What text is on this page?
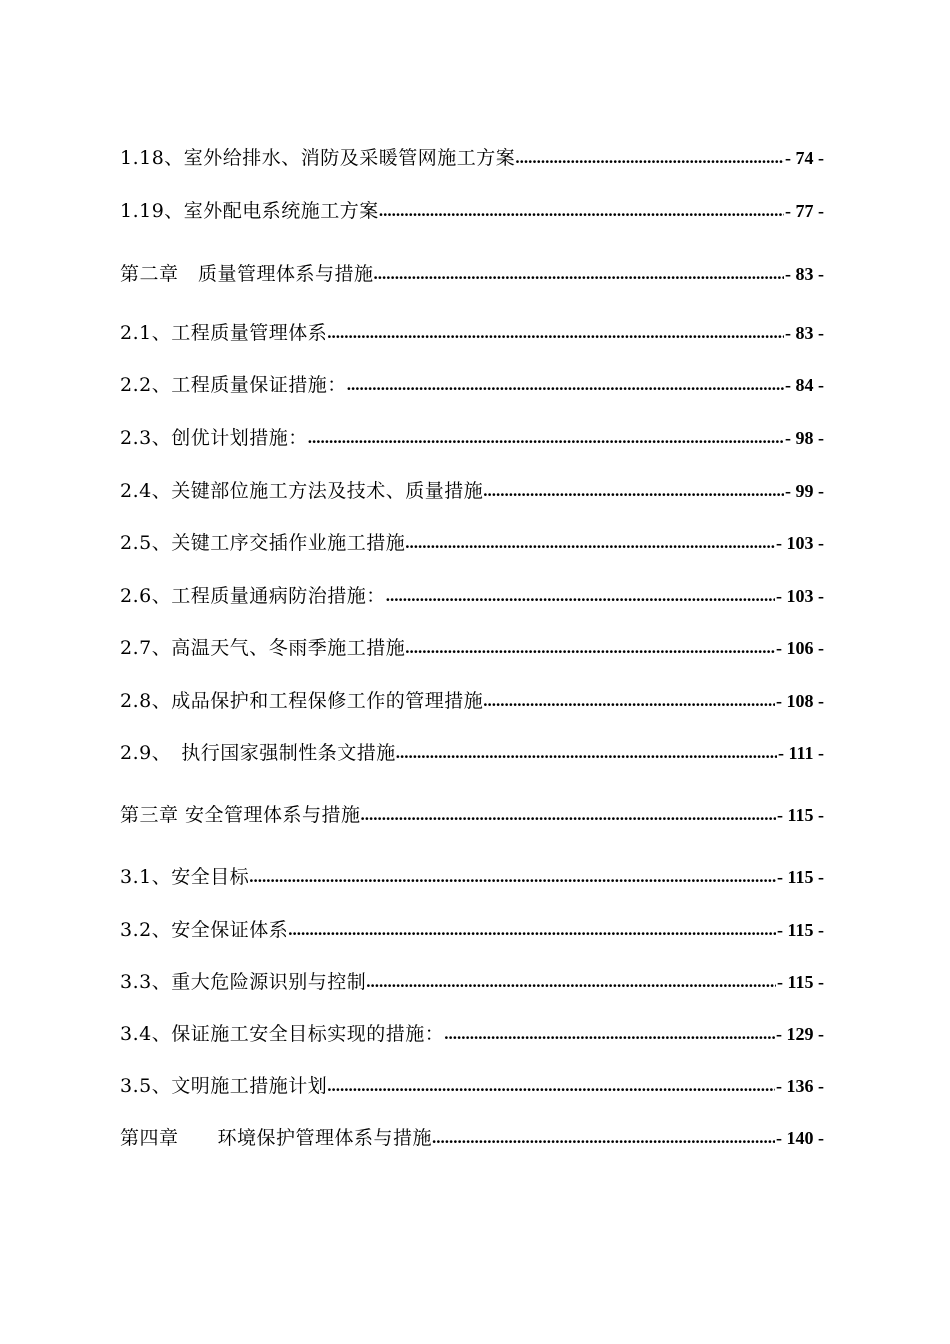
1.18、室外给排水、消防及采暖管网施工方案 .....	- 74 -
1.19、室外配电系统施工方案 .....	- 77 -
第二章　质量管理体系与措施 .....	- 83 -
2.1、工程质量管理体系 .....	- 83 -
2.2、工程质量保证措施： .....	- 84 -
2.3、创优计划措施： .....	- 98 -
2.4、关键部位施工方法及技术、质量措施 .....	- 99 -
2.5、关键工序交插作业施工措施 .....	- 103 -
2.6、工程质量通病防治措施： .....	- 103 -
2.7、高温天气、冬雨季施工措施 .....	- 106 -
2.8、成品保护和工程保修工作的管理措施 .....	- 108 -
2.9、　执行国家强制性条文措施 .....	- 111 -
第三章 安全管理体系与措施 .....	- 115 -
3.1、安全目标 .....	- 115 -
3.2、安全保证体系 .....	- 115 -
3.3、重大危险源识别与控制 .....	- 115 -
3.4、保证施工安全目标实现的措施： .....	- 129 -
3.5、文明施工措施计划 .....	- 136 -
第四章　　环境保护管理体系与措施 .....	- 140 -
